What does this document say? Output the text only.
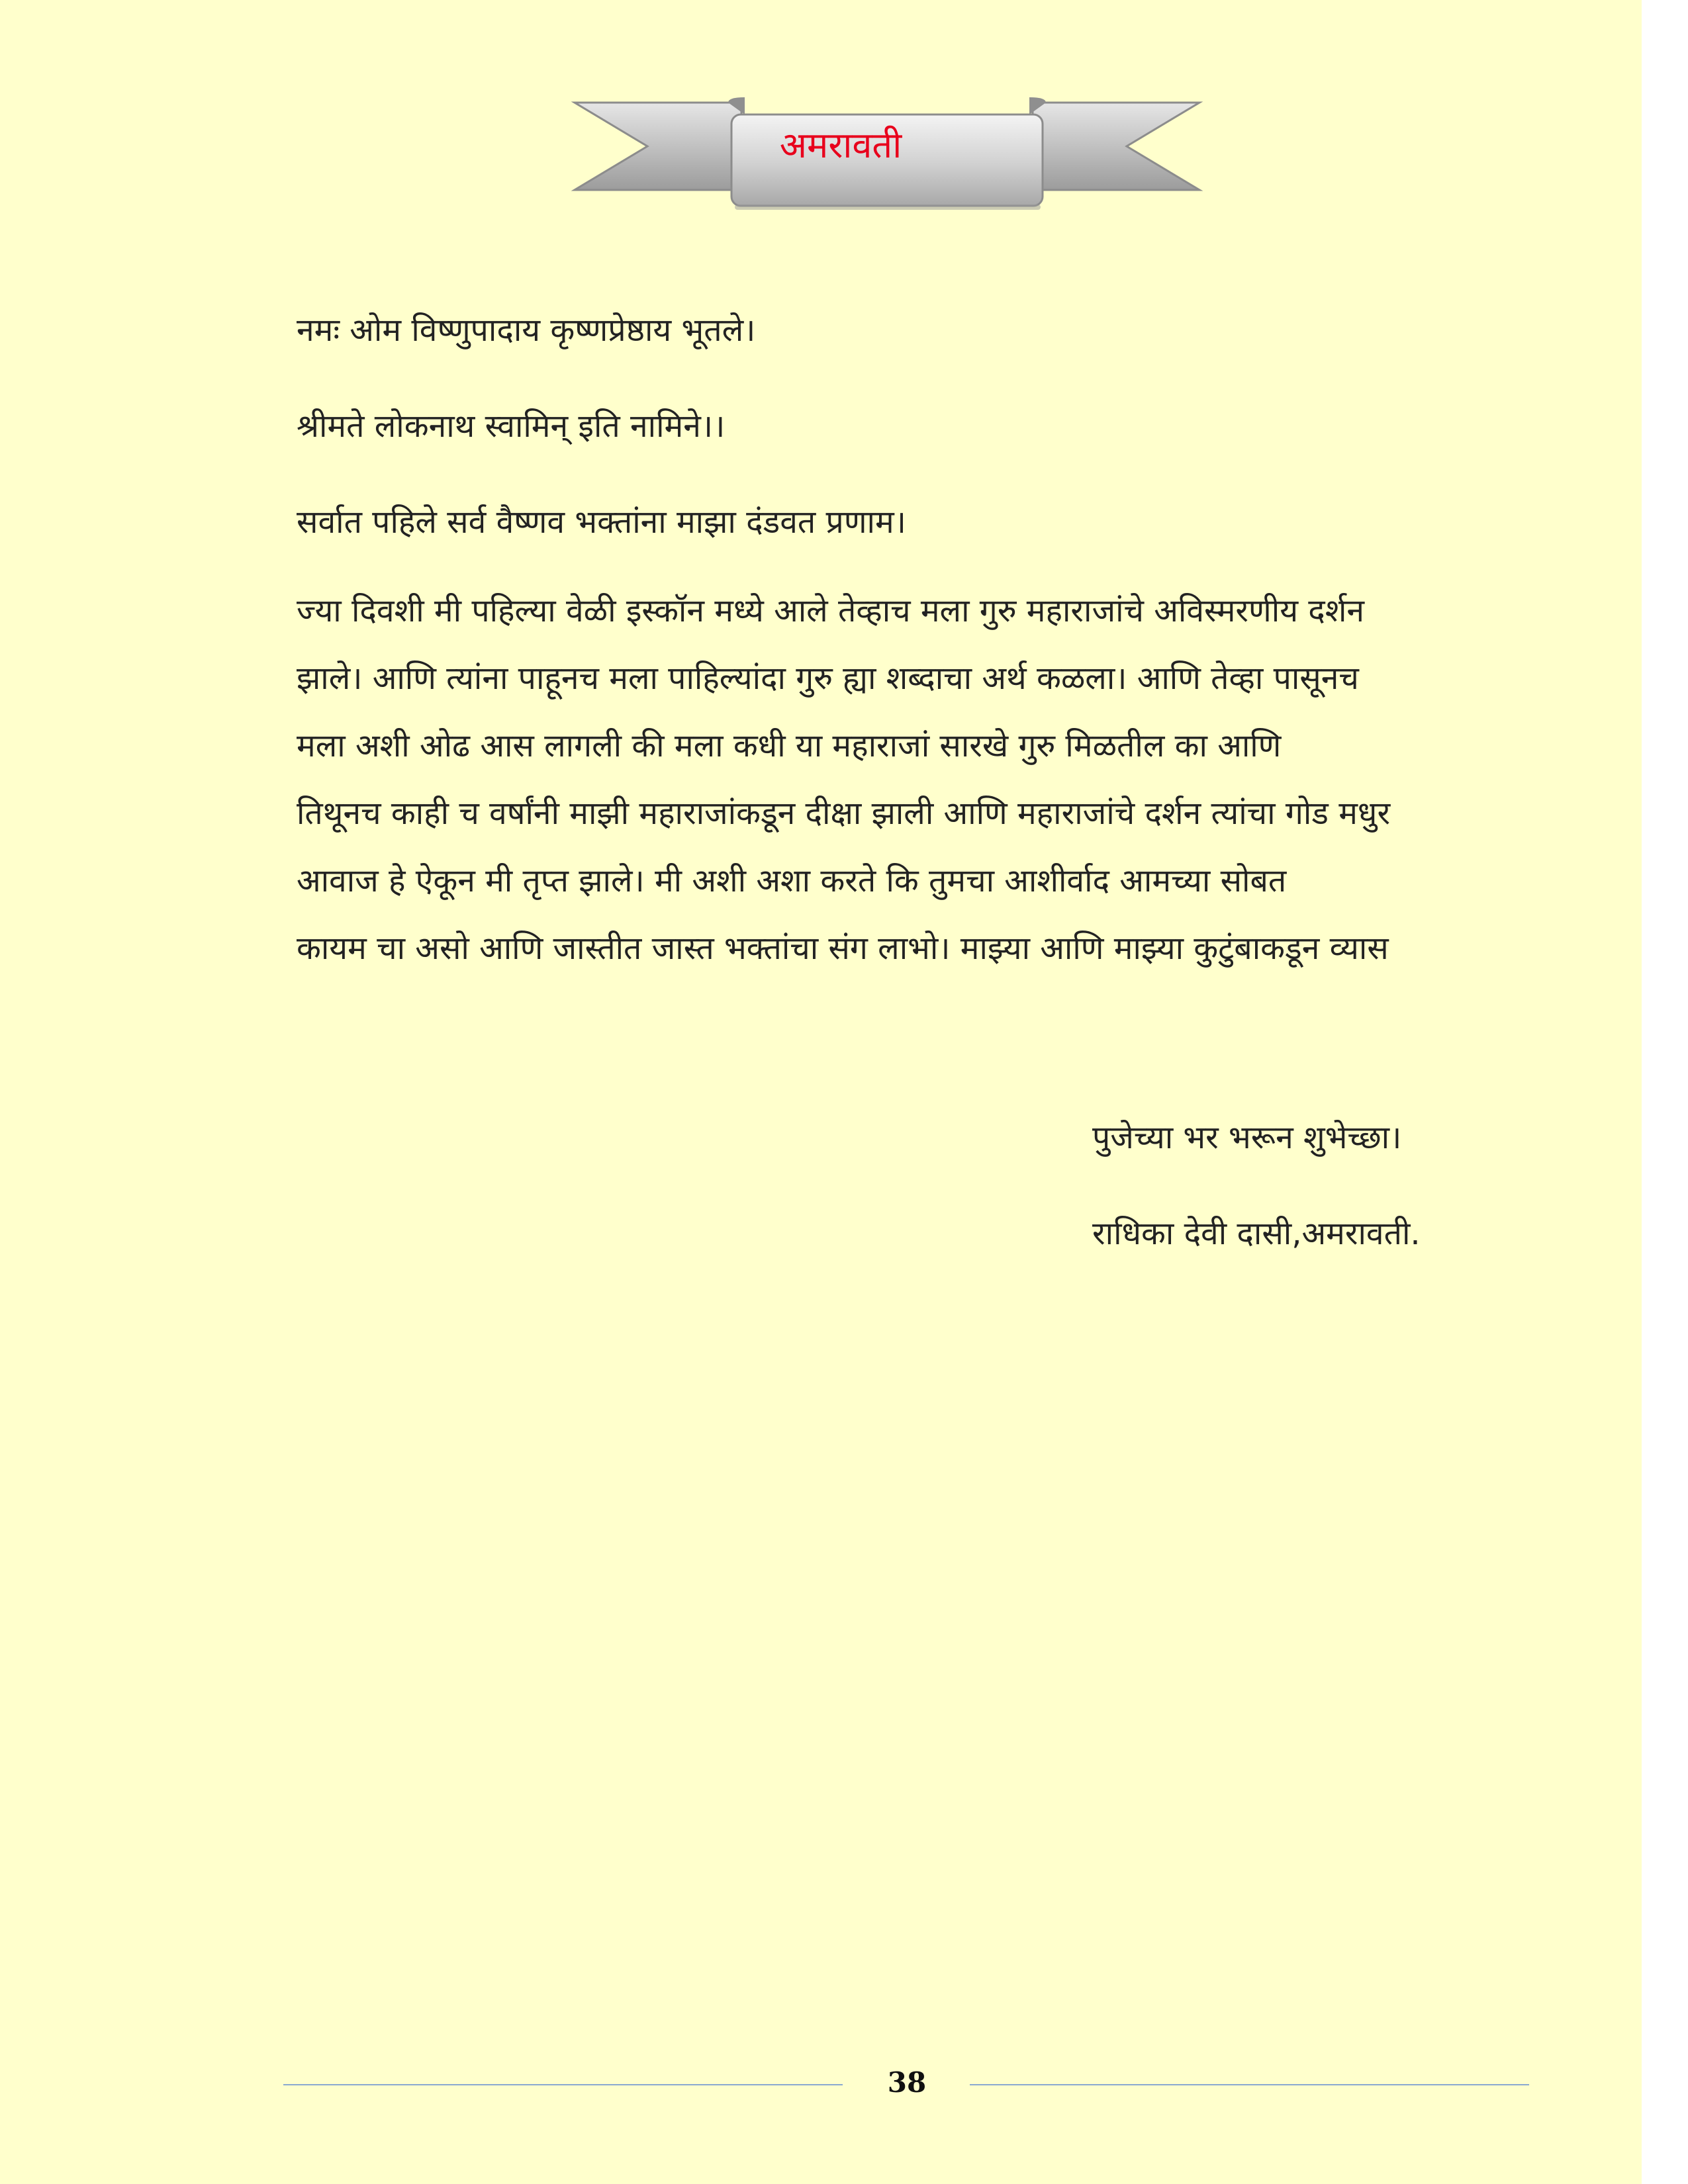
अमरावती
नमः ओम विष्णुपादाय कृष्णप्रेष्ठाय भूतले।
श्रीमते लोकनाथ स्वामिन् इति नामिने।।
सर्वात पहिले सर्व वैष्णव भक्तांना माझा दंडवत प्रणाम।
ज्या दिवशी मी पहिल्या वेळी इस्कॉन मध्ये आले तेव्हाच मला गुरु महाराजांचे अविस्मरणीय दर्शन
झाले। आणि त्यांना पाहूनच मला पाहिल्यांदा गुरु ह्या शब्दाचा अर्थ कळला। आणि तेव्हा पासूनच
मला अशी ओढ आस लागली की मला कधी या महाराजां सारखे गुरु मिळतील का आणि
तिथूनच काही च वर्षांनी माझी महाराजांकडून दीक्षा झाली आणि महाराजांचे दर्शन त्यांचा गोड मधुर
आवाज हे ऐकून मी तृप्त झाले। मी अशी अशा करते कि तुमचा आशीर्वाद आमच्या सोबत
कायम चा असो आणि जास्तीत जास्त भक्तांचा संग लाभो। माझ्या आणि माझ्या कुटुंबाकडून व्यास
पुजेच्या भर भरून शुभेच्छा।
राधिका देवी दासी,अमरावती.
38
